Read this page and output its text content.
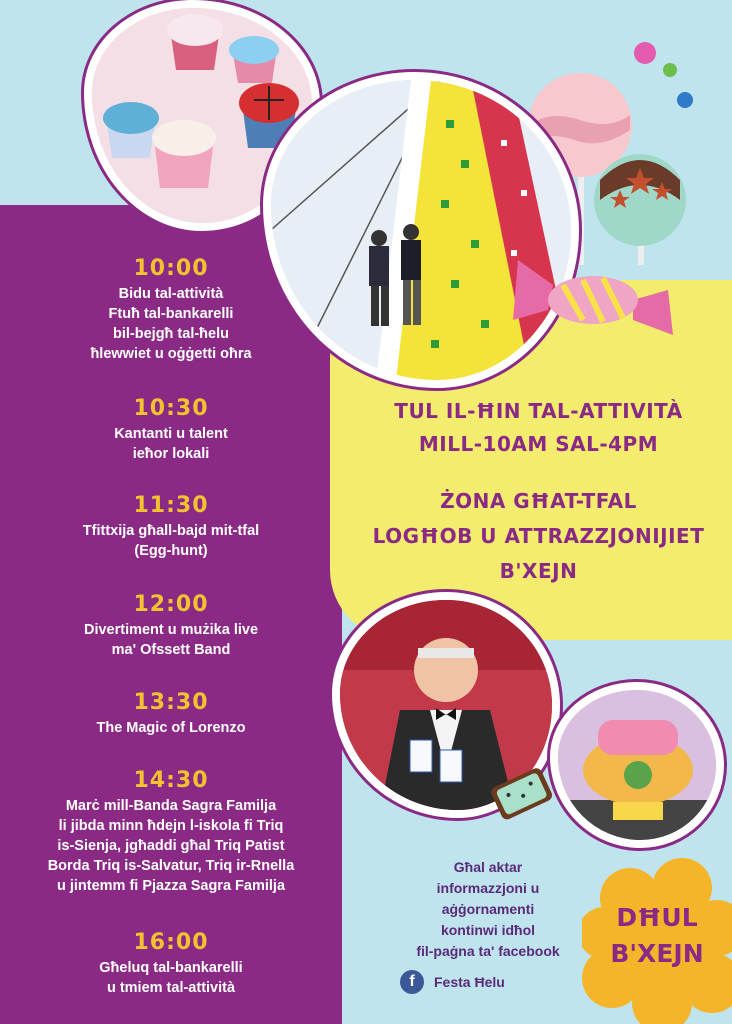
TUL IL-ĦIN TAL-ATTIVITÀ
MILL-10AM SAL-4PM
ŻONA GĦAT-TFAL
LOGĦOB U ATTRAZZJONIJIET
B'XEJN
10:00
Bidu tal-attività
Ftuħ tal-bankarelli
bil-bejgħ tal-ħelu
ħlewwiet u oġġetti oħra
10:30
Kantanti u talent
ieħor lokali
11:30
Tfittxija għall-bajd mit-tfal
(Egg-hunt)
12:00
Divertiment u mużika live
ma' Ofssett Band
13:30
The Magic of Lorenzo
14:30
Marċ mill-Banda Sagra Familja
li jibda minn ħdejn l-iskola fi Triq
is-Sienja, jgħaddi għal Triq Patist
Borda Triq is-Salvatur, Triq ir-Rnella
u jintemm fi Pjazza Sagra Familja
16:00
Għeluq tal-bankarelli
u tmiem tal-attività
Għal aktar
informazzjoni u
aġġornamenti
kontinwi idħol
fil-paġna ta' facebook
f	Festa Ħelu
DĦUL
B'XEJN
